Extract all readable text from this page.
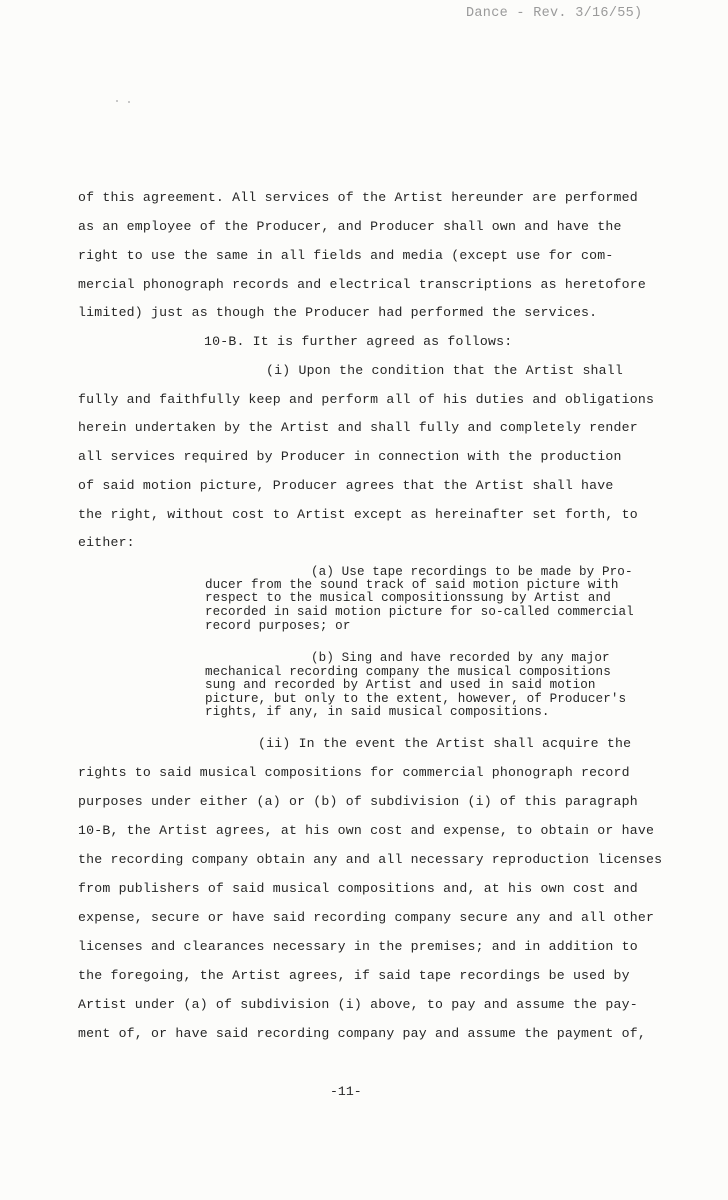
Dance - Rev. 3/16/55)
of this agreement. All services of the Artist hereunder are performed
as an employee of the Producer, and Producer shall own and have the
right to use the same in all fields and media (except use for com-
mercial phonograph records and electrical transcriptions as heretofore
limited) just as though the Producer had performed the services.
10-B. It is further agreed as follows:
(i) Upon the condition that the Artist shall
fully and faithfully keep and perform all of his duties and obligations
herein undertaken by the Artist and shall fully and completely render
all services required by Producer in connection with the production
of said motion picture, Producer agrees that the Artist shall have
the right, without cost to Artist except as hereinafter set forth, to
either:
(a) Use tape recordings to be made by Pro-
ducer from the sound track of said motion picture with
respect to the musical compositionssung by Artist and
recorded in said motion picture for so-called commercial
record purposes; or
(b) Sing and have recorded by any major
mechanical recording company the musical compositions
sung and recorded by Artist and used in said motion
picture, but only to the extent, however, of Producer's
rights, if any, in said musical compositions.
(ii) In the event the Artist shall acquire the
rights to said musical compositions for commercial phonograph record
purposes under either (a) or (b) of subdivision (i) of this paragraph
10-B, the Artist agrees, at his own cost and expense, to obtain or have
the recording company obtain any and all necessary reproduction licenses
from publishers of said musical compositions and, at his own cost and
expense, secure or have said recording company secure any and all other
licenses and clearances necessary in the premises; and in addition to
the foregoing, the Artist agrees, if said tape recordings be used by
Artist under (a) of subdivision (i) above, to pay and assume the pay-
ment of, or have said recording company pay and assume the payment of,
-11-
